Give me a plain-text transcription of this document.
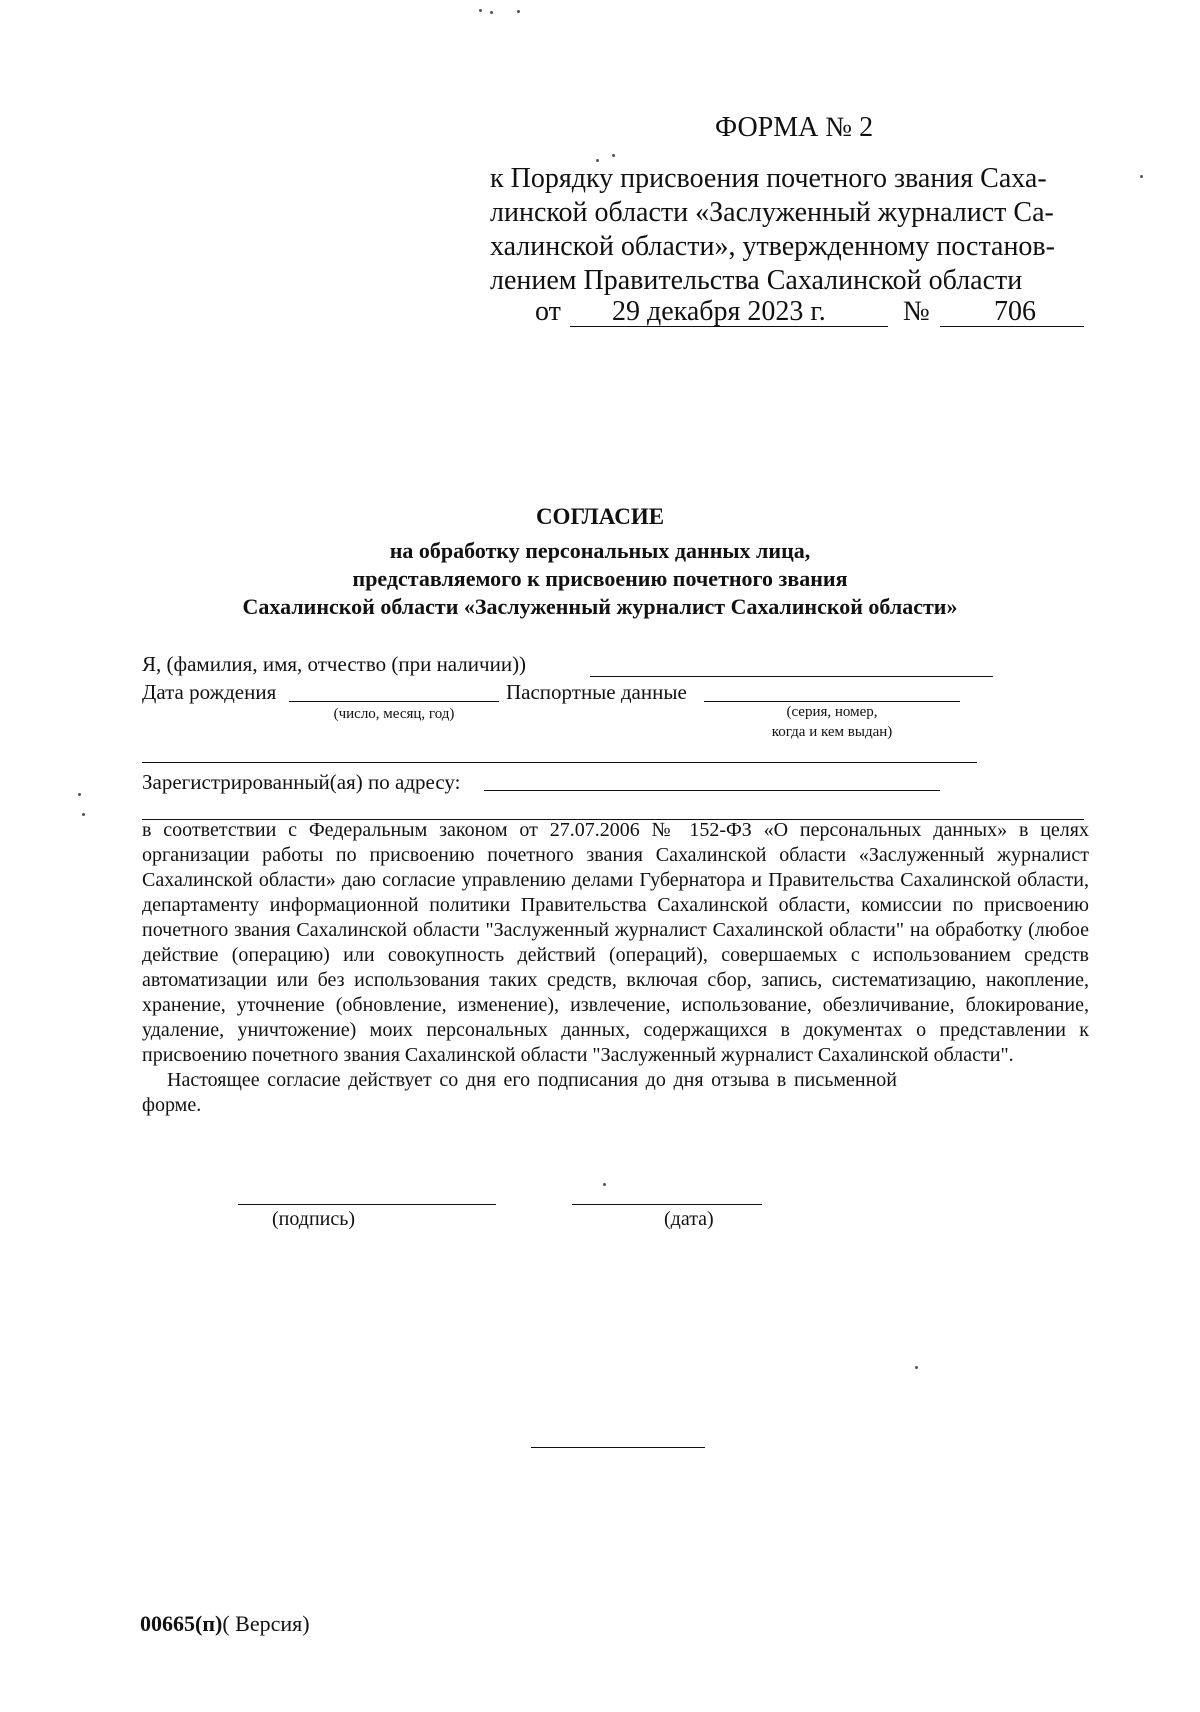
ФОРМА № 2
к Порядку присвоения почетного звания Саха-
линской области «Заслуженный журналист Са-
халинской области», утвержденному постанов-
лением Правительства Сахалинской области
от 29 декабря 2023 г.	№ 706
СОГЛАСИЕ
на обработку персональных данных лица,
представляемого к присвоению почетного звания
Сахалинской области «Заслуженный журналист Сахалинской области»
Я, (фамилия, имя, отчество (при наличии))
Дата рождения	Паспортные данные
(число, месяц, год)	(серия, номер,
когда и кем выдан)
Зарегистрированный(ая) по адресу:

в соответствии с Федеральным законом от 27.07.2006 № 152-ФЗ «О персональных данных» в целях организации работы по присвоению почетного звания Сахалинской области «Заслуженный журналист Сахалинской области» даю согласие управлению делами Губернатора и Правительства Сахалинской области, департаменту информационной политики Правительства Сахалинской области, комиссии по присвоению почетного звания Сахалинской области "Заслуженный журналист Сахалинской области" на обработку (любое действие (операцию) или совокупность действий (операций), совершаемых с использованием средств автоматизации или без использования таких средств, включая сбор, запись, систематизацию, накопление, хранение, уточнение (обновление, изменение), извлечение, использование, обезличивание, блокирование, удаление, уничтожение) моих персональных данных, содержащихся в документах о представлении к присвоению почетного звания Сахалинской области "Заслуженный журналист Сахалинской области".

Настоящее согласие действует со дня его подписания до дня отзыва в письменной форме.

(подпись)	(дата)
00665(п)( Версия)
